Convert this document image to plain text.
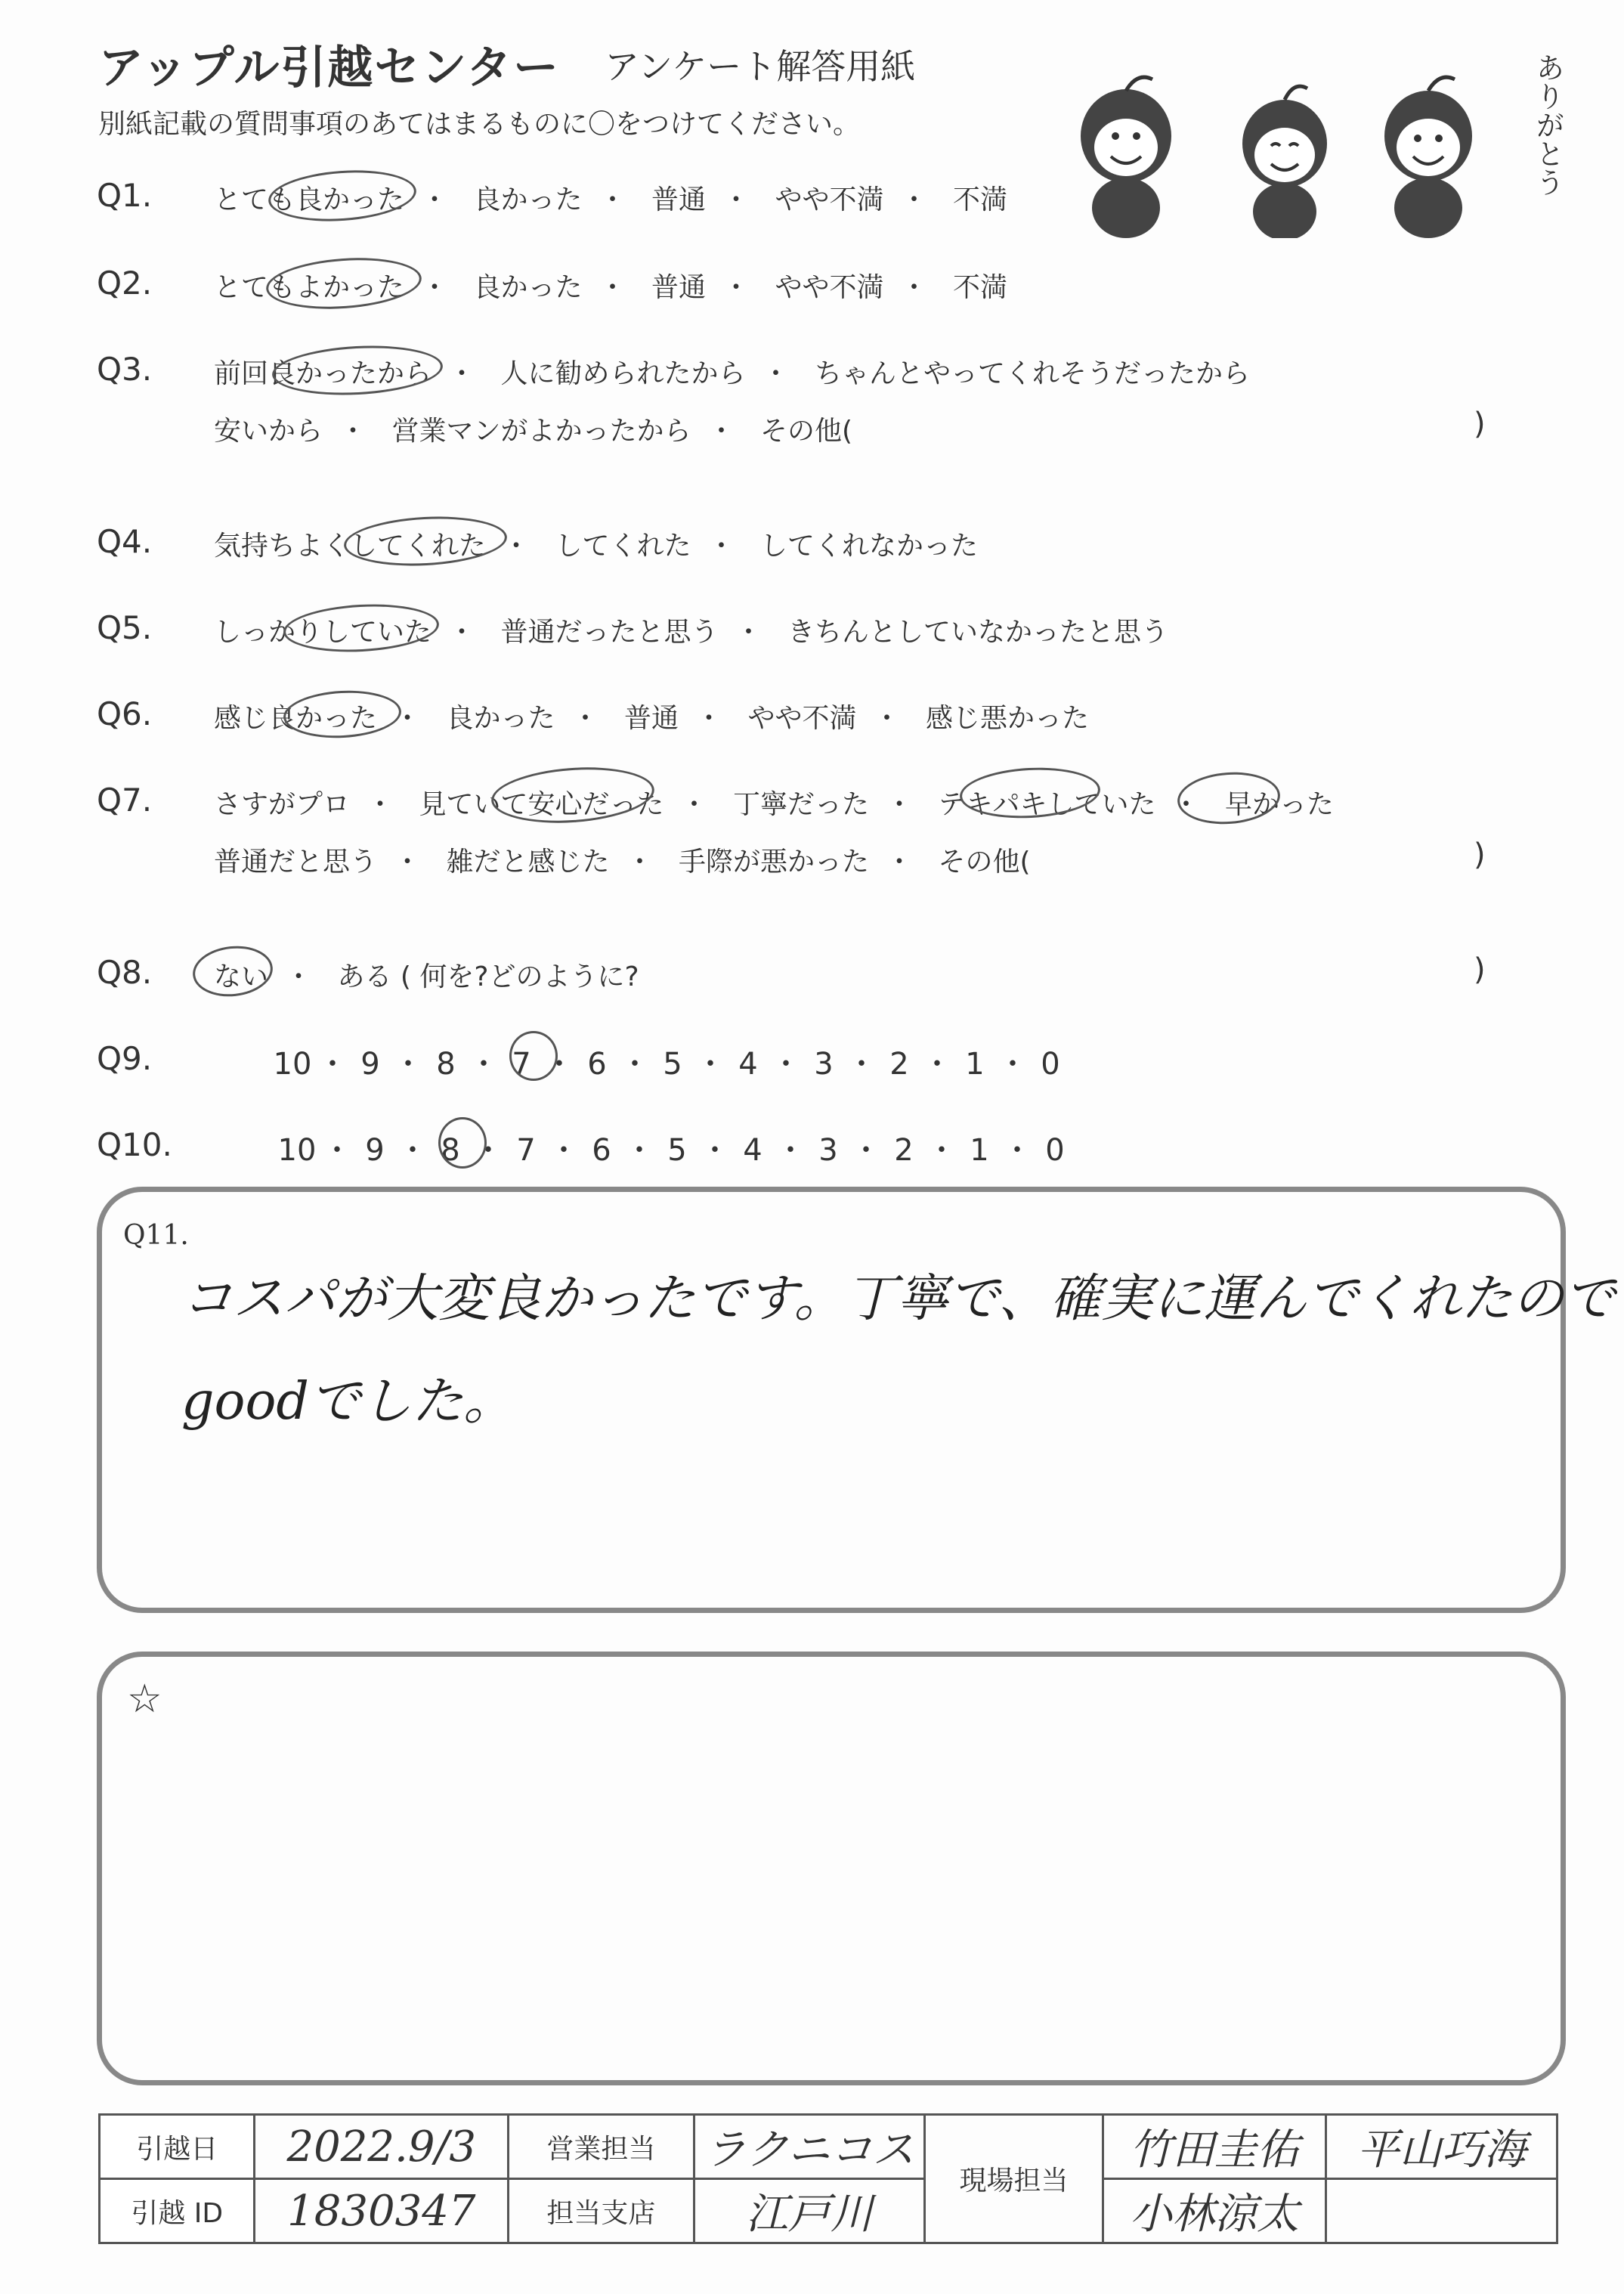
アップル引越センター アンケート解答用紙
別紙記載の質問事項のあてはまるものに〇をつけてください。	ありがとう
Q1. とても良かった ・ 良かった ・ 普通 ・ やや不満 ・ 不満
Q2. とてもよかった ・ 良かった ・ 普通 ・ やや不満 ・ 不満
Q3. 前回良かったから ・ 人に勧められたから ・ ちゃんとやってくれそうだったから
安いから ・ 営業マンがよかったから ・ その他(	)
Q4. 気持ちよくしてくれた ・ してくれた ・ してくれなかった
Q5. しっかりしていた ・ 普通だったと思う ・ きちんとしていなかったと思う
Q6. 感じ良かった ・ 良かった ・ 普通 ・ やや不満 ・ 感じ悪かった
Q7. さすがプロ ・ 見ていて安心だった ・ 丁寧だった ・ テキパキしていた ・ 早かった
普通だと思う ・ 雑だと感じた ・ 手際が悪かった ・ その他(	)
Q8. ない ・ ある ( 何を?どのように?	)
Q9.	10 ・ 9 ・ 8 ・ 7 ・ 6 ・ 5 ・ 4 ・ 3 ・ 2 ・ 1 ・ 0
Q10.	10 ・ 9 ・ 8 ・ 7 ・ 6 ・ 5 ・ 4 ・ 3 ・ 2 ・ 1 ・ 0
Q11.
コスパが大変良かったです。丁寧で、確実に運んでくれたので
goodでした。
☆
引越日	2022.9/3	営業担当	ラクニコス	現場担当	竹田圭佑	平山巧海
引越 ID	1830347	担当支店	江戸川		小林涼太	
